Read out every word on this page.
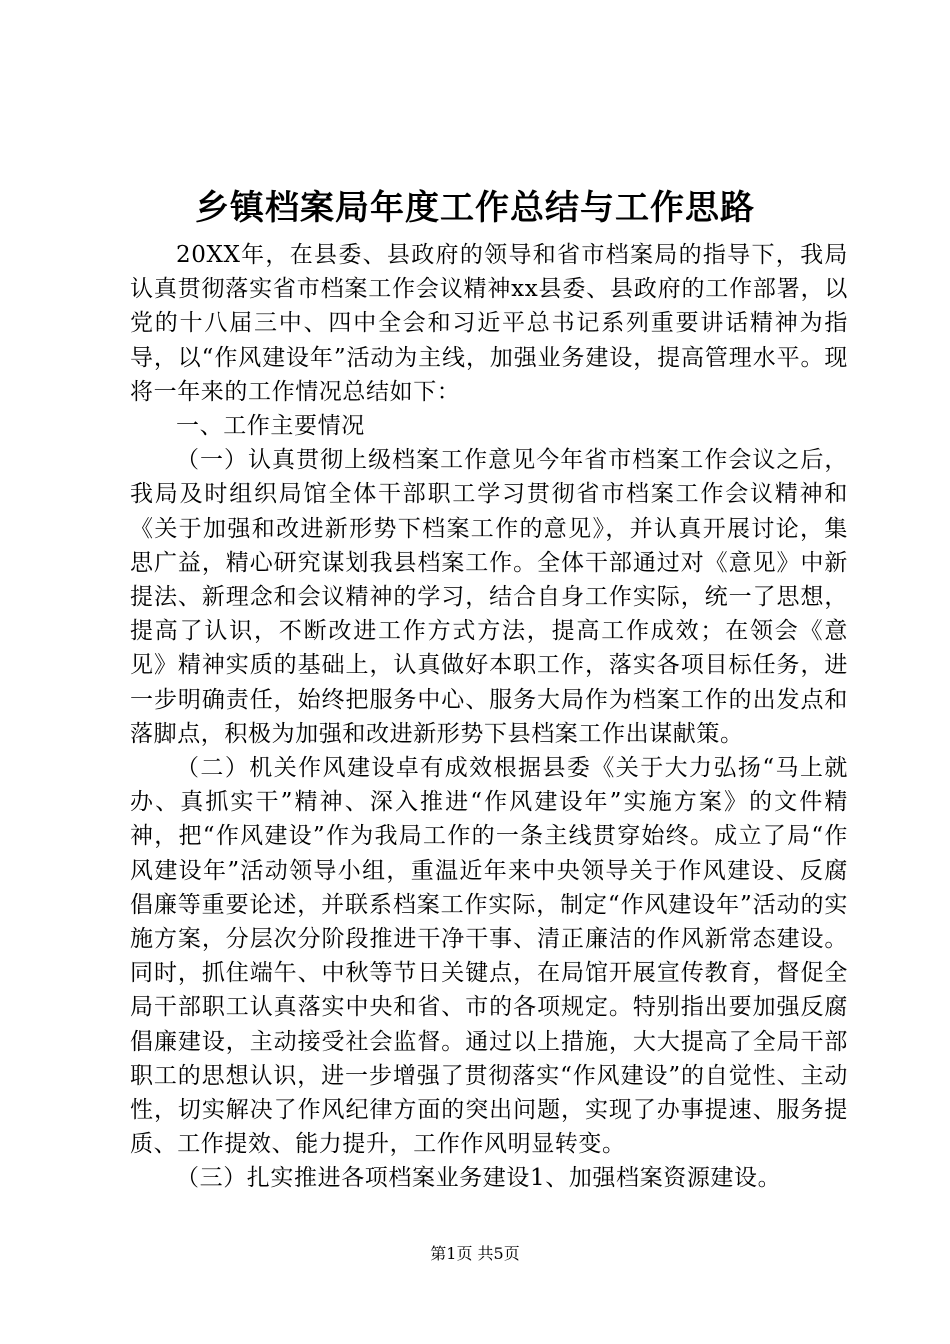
乡镇档案局年度工作总结与工作思路

20XX年，在县委、县政府的领导和省市档案局的指导下，我局认真贯彻落实省市档案工作会议精神xx县委、县政府的工作部署，以党的十八届三中、四中全会和习近平总书记系列重要讲话精神为指导，以“作风建设年”活动为主线，加强业务建设，提高管理水平。现将一年来的工作情况总结如下：

一、工作主要情况

（一）认真贯彻上级档案工作意见今年省市档案工作会议之后，我局及时组织局馆全体干部职工学习贯彻省市档案工作会议精神和《关于加强和改进新形势下档案工作的意见》，并认真开展讨论，集思广益，精心研究谋划我县档案工作。全体干部通过对《意见》中新提法、新理念和会议精神的学习，结合自身工作实际，统一了思想，提高了认识，不断改进工作方式方法，提高工作成效；在领会《意见》精神实质的基础上，认真做好本职工作，落实各项目标任务，进一步明确责任，始终把服务中心、服务大局作为档案工作的出发点和落脚点，积极为加强和改进新形势下县档案工作出谋献策。

（二）机关作风建设卓有成效根据县委《关于大力弘扬“马上就办、真抓实干”精神、深入推进“作风建设年”实施方案》的文件精神，把“作风建设”作为我局工作的一条主线贯穿始终。成立了局“作风建设年”活动领导小组，重温近年来中央领导关于作风建设、反腐倡廉等重要论述，并联系档案工作实际，制定“作风建设年”活动的实施方案，分层次分阶段推进干净干事、清正廉洁的作风新常态建设。同时，抓住端午、中秋等节日关键点，在局馆开展宣传教育，督促全局干部职工认真落实中央和省、市的各项规定。特别指出要加强反腐倡廉建设，主动接受社会监督。通过以上措施，大大提高了全局干部职工的思想认识，进一步增强了贯彻落实“作风建设”的自觉性、主动性，切实解决了作风纪律方面的突出问题，实现了办事提速、服务提质、工作提效、能力提升，工作作风明显转变。

（三）扎实推进各项档案业务建设1、加强档案资源建设。

第1页 共5页
